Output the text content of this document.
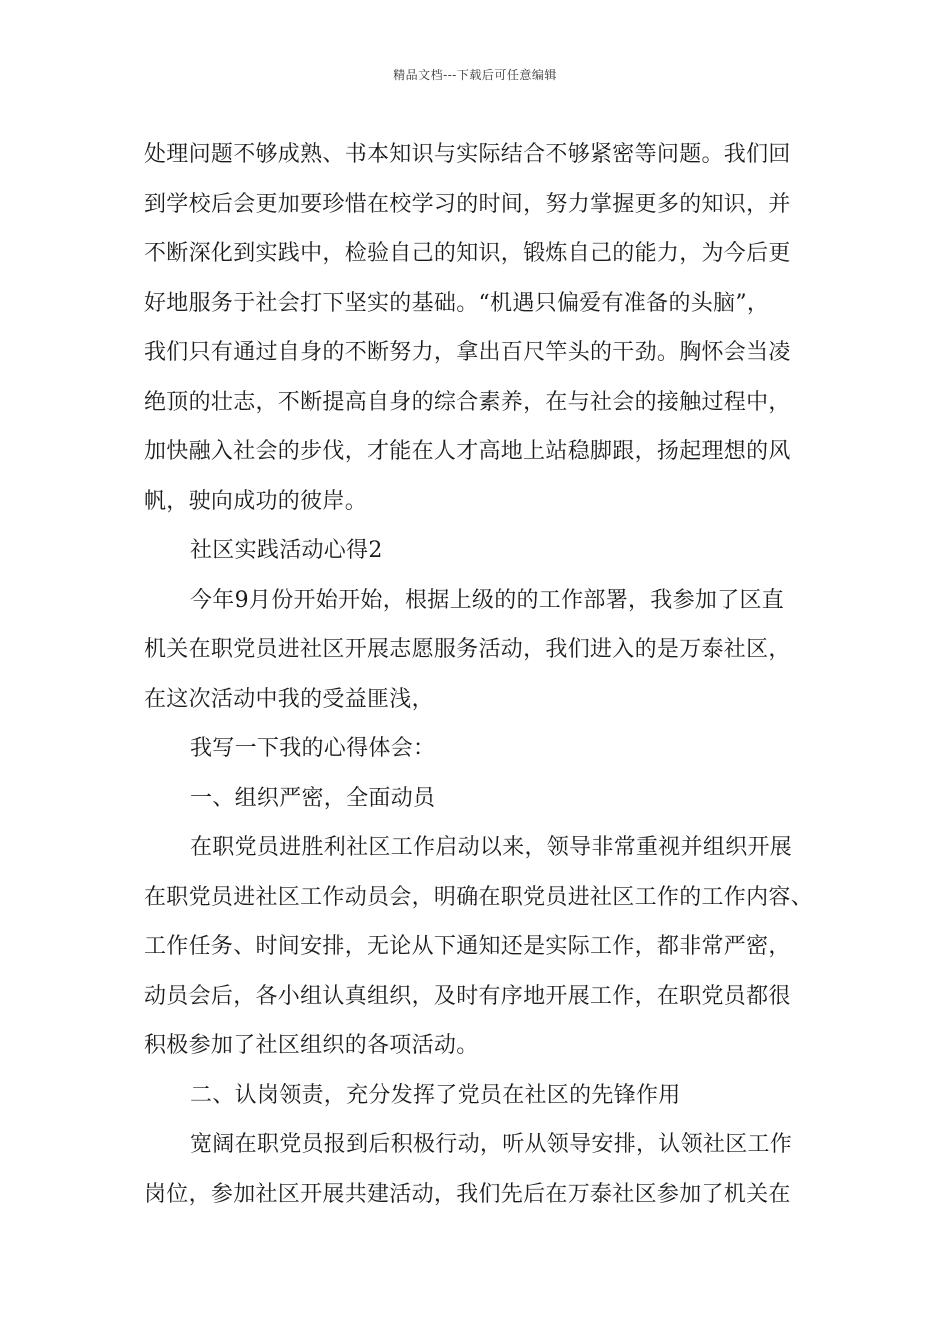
精品文档---下载后可任意编辑
处理问题不够成熟、书本知识与实际结合不够紧密等问题。我们回
到学校后会更加要珍惜在校学习的时间，努力掌握更多的知识，并
不断深化到实践中，检验自己的知识，锻炼自己的能力，为今后更
好地服务于社会打下坚实的基础。“机遇只偏爱有准备的头脑”，
我们只有通过自身的不断努力，拿出百尺竿头的干劲。胸怀会当凌
绝顶的壮志，不断提高自身的综合素养，在与社会的接触过程中，
加快融入社会的步伐，才能在人才高地上站稳脚跟，扬起理想的风
帆，驶向成功的彼岸。
社区实践活动心得2
今年9月份开始开始，根据上级的的工作部署，我参加了区直
机关在职党员进社区开展志愿服务活动，我们进入的是万泰社区，
在这次活动中我的受益匪浅，
我写一下我的心得体会：
一、组织严密，全面动员
在职党员进胜利社区工作启动以来，领导非常重视并组织开展
在职党员进社区工作动员会，明确在职党员进社区工作的工作内容、
工作任务、时间安排，无论从下通知还是实际工作，都非常严密，
动员会后，各小组认真组织，及时有序地开展工作，在职党员都很
积极参加了社区组织的各项活动。
二、认岗领责，充分发挥了党员在社区的先锋作用
宽阔在职党员报到后积极行动，听从领导安排，认领社区工作
岗位，参加社区开展共建活动，我们先后在万泰社区参加了机关在
